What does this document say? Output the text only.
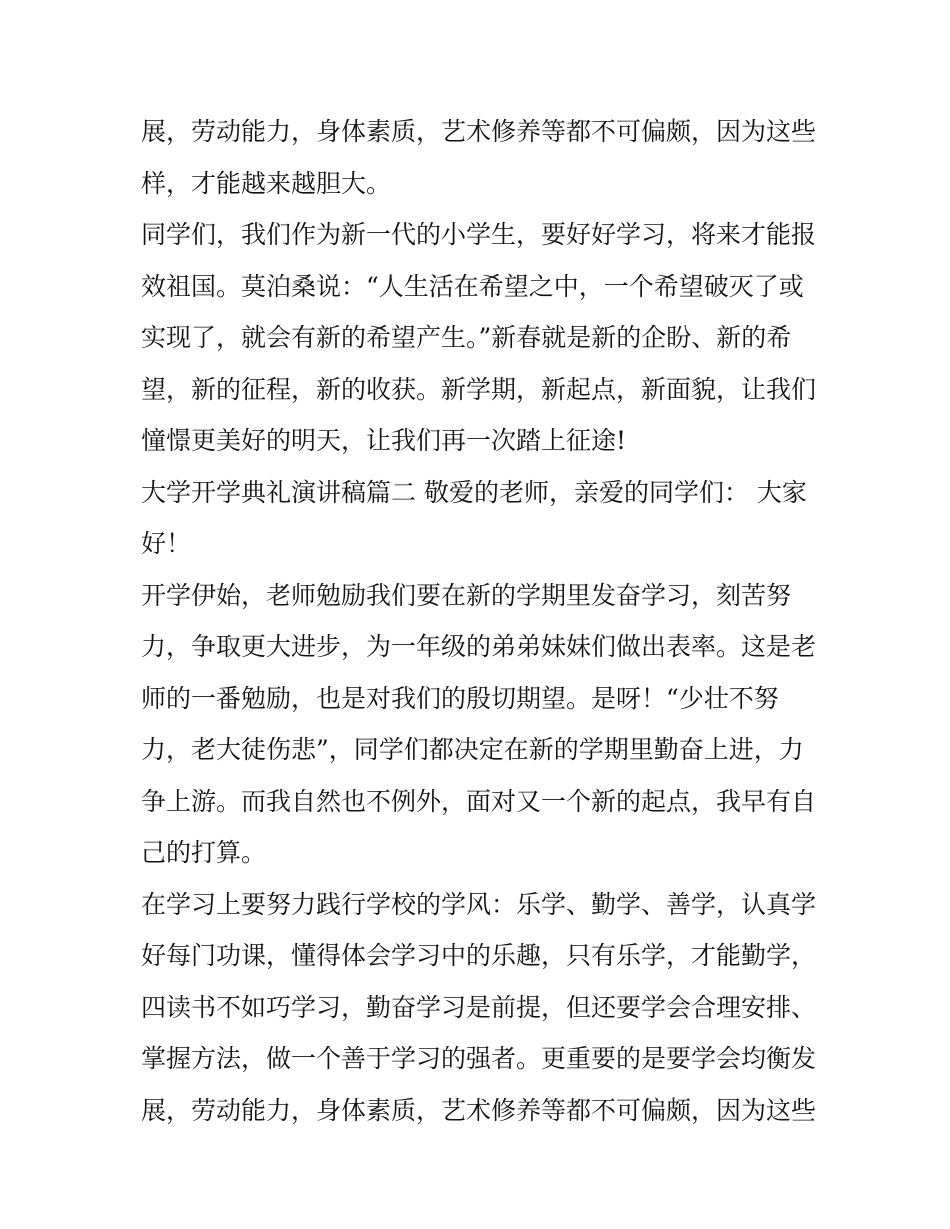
展，劳动能力，身体素质，艺术修养等都不可偏颇，因为这些
样，才能越来越胆大。
同学们，我们作为新一代的小学生，要好好学习，将来才能报
效祖国。莫泊桑说：“人生活在希望之中，一个希望破灭了或
实现了，就会有新的希望产生。”新春就是新的企盼、新的希
望，新的征程，新的收获。新学期，新起点，新面貌，让我们
憧憬更美好的明天，让我们再一次踏上征途!
大学开学典礼演讲稿篇二 敬爱的老师，亲爱的同学们： 大家
好！
开学伊始，老师勉励我们要在新的学期里发奋学习，刻苦努
力，争取更大进步，为一年级的弟弟妹妹们做出表率。这是老
师的一番勉励，也是对我们的殷切期望。是呀！“少壮不努
力，老大徒伤悲”，同学们都决定在新的学期里勤奋上进，力
争上游。而我自然也不例外，面对又一个新的起点，我早有自
己的打算。
在学习上要努力践行学校的学风：乐学、勤学、善学，认真学
好每门功课，懂得体会学习中的乐趣，只有乐学，才能勤学，
四读书不如巧学习，勤奋学习是前提，但还要学会合理安排、
掌握方法，做一个善于学习的强者。更重要的是要学会均衡发
展，劳动能力，身体素质，艺术修养等都不可偏颇，因为这些
